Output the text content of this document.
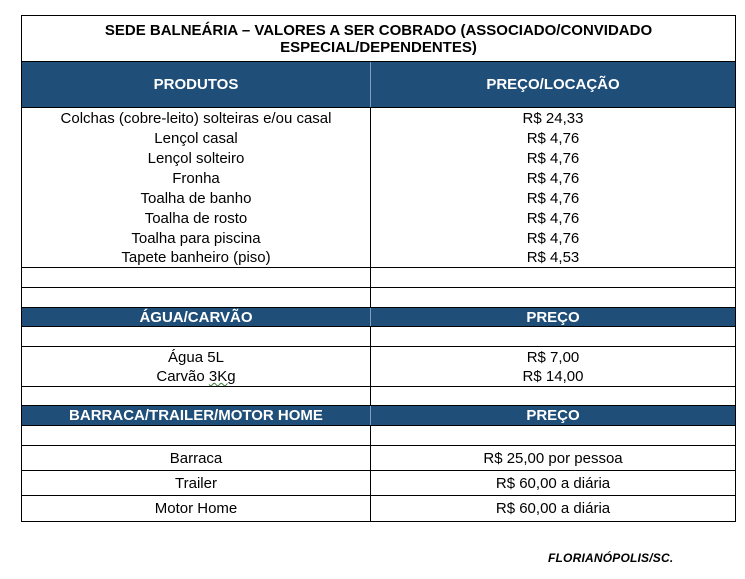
SEDE BALNEÁRIA – VALORES A SER COBRADO (ASSOCIADO/CONVIDADO
ESPECIAL/DEPENDENTES)
PRODUTOS	PREÇO/LOCAÇÃO
Colchas (cobre-leito) solteiras e/ou casal	R$ 24,33
Lençol casal	R$ 4,76
Lençol solteiro	R$ 4,76
Fronha	R$ 4,76
Toalha de banho	R$ 4,76
Toalha de rosto	R$ 4,76
Toalha para piscina	R$ 4,76
Tapete banheiro (piso)	R$ 4,53
ÁGUA/CARVÃO	PREÇO
Água 5L	R$ 7,00
Carvão 3Kg	R$ 14,00
BARRACA/TRAILER/MOTOR HOME	PREÇO
Barraca	R$ 25,00 por pessoa
Trailer	R$ 60,00 a diária
Motor Home	R$ 60,00 a diária
FLORIANÓPOLIS/SC.
